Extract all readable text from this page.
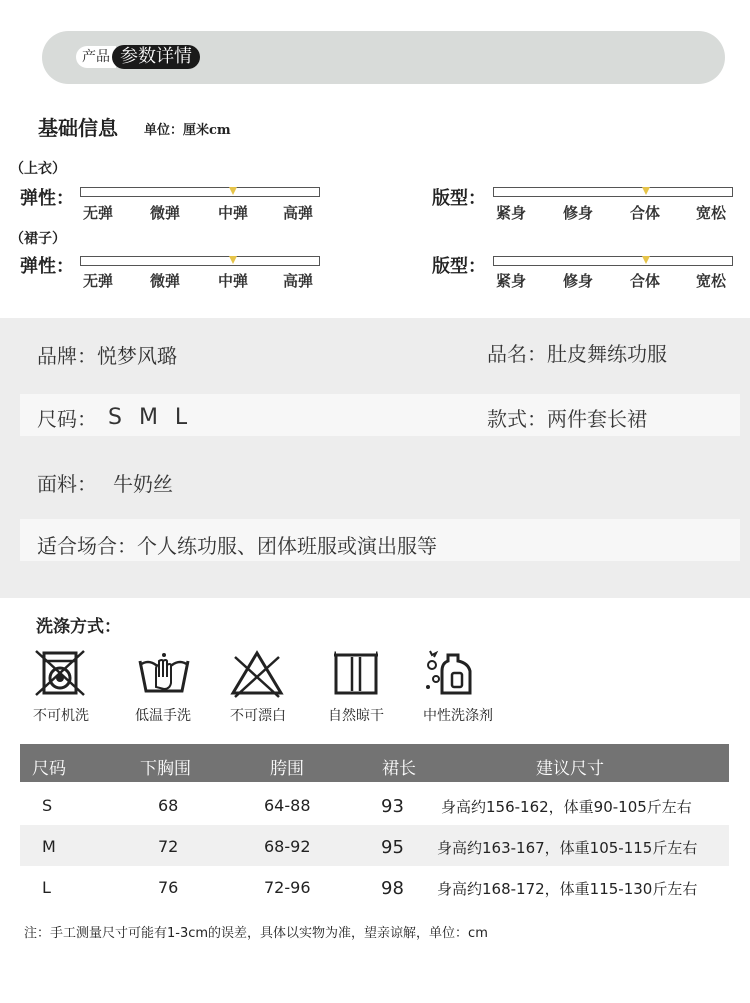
产品 参数详情
基础信息 单位：厘米cm
（上衣）
弹性：
无弹 微弹	中弹 高弹
版型：
紧身 修身 合体 宽松
（裙子）
弹性：
无弹 微弹	中弹 高弹
版型：
紧身 修身 合体 宽松
品牌：悦梦风璐	品名：肚皮舞练功服
尺码： S M L	款式：两件套长裙
面料： 牛奶丝
适合场合：个人练功服、团体班服或演出服等
洗涤方式：
不可机洗	低温手洗	不可漂白	自然晾干	中性洗涤剂
尺码	下胸围	胯围	裙长	建议尺寸
S	68	64-88	93 身高约156-162，体重90-105斤左右
M	72	68-92	95 身高约163-167，体重105-115斤左右
L	76	72-96	98 身高约168-172，体重115-130斤左右
注：手工测量尺寸可能有1-3cm的误差，具体以实物为准，望亲谅解，单位：cm
